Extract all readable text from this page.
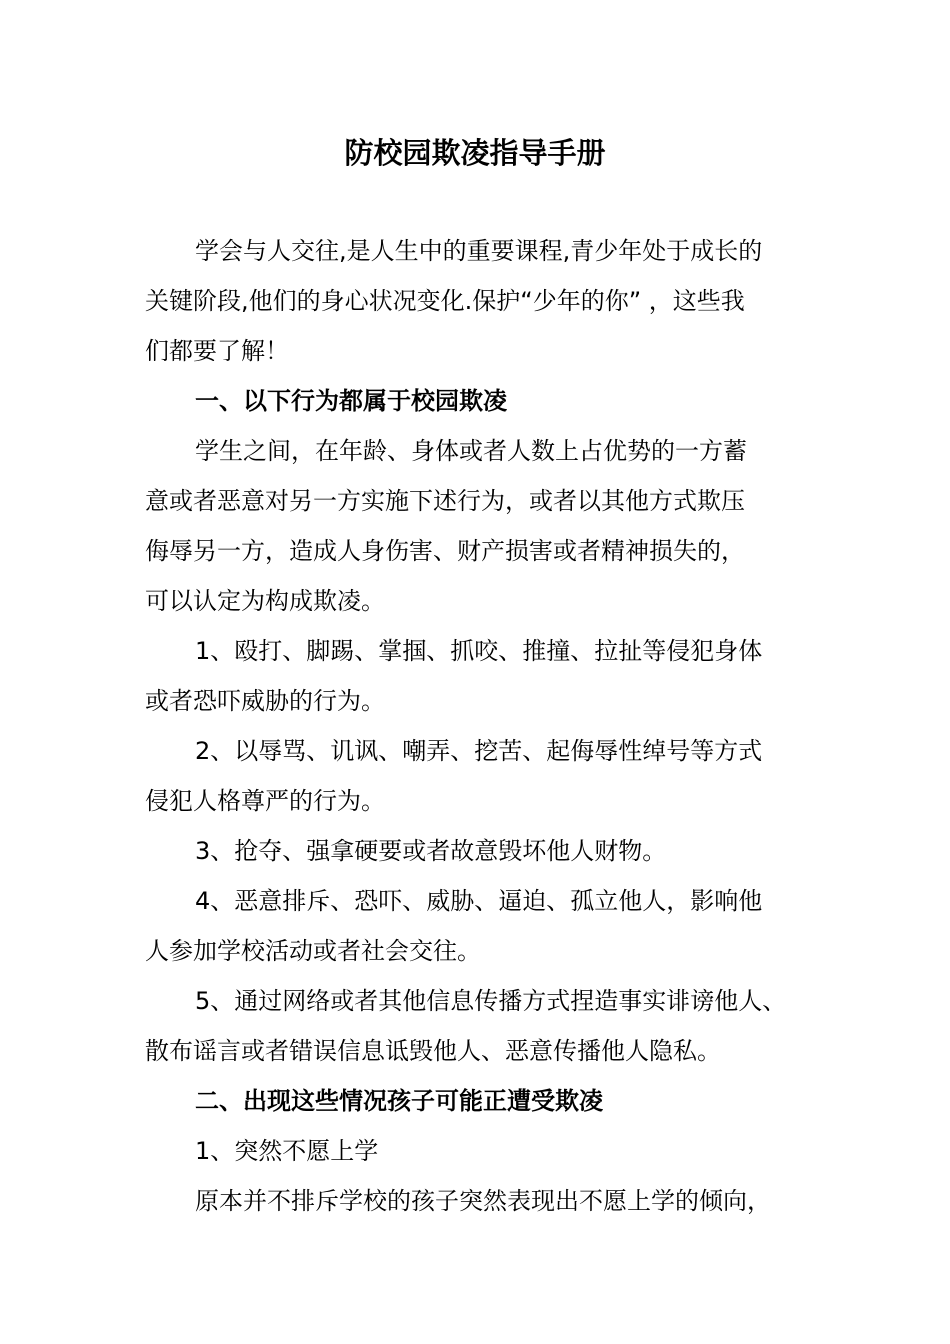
防校园欺凌指导手册

学会与人交往,是人生中的重要课程,青少年处于成长的

关键阶段,他们的身心状况变化.保护“少年的你” ，这些我

们都要了解！

一、以下行为都属于校园欺凌

学生之间，在年龄、身体或者人数上占优势的一方蓄

意或者恶意对另一方实施下述行为，或者以其他方式欺压

侮辱另一方，造成人身伤害、财产损害或者精神损失的，

可以认定为构成欺凌。

1、殴打、脚踢、掌掴、抓咬、推撞、拉扯等侵犯身体

或者恐吓威胁的行为。

2、以辱骂、讥讽、嘲弄、挖苦、起侮辱性绰号等方式

侵犯人格尊严的行为。

3、抢夺、强拿硬要或者故意毁坏他人财物。

4、恶意排斥、恐吓、威胁、逼迫、孤立他人，影响他

人参加学校活动或者社会交往。

5、通过网络或者其他信息传播方式捏造事实诽谤他人、

散布谣言或者错误信息诋毁他人、恶意传播他人隐私。

二、出现这些情况孩子可能正遭受欺凌

1、突然不愿上学

原本并不排斥学校的孩子突然表现出不愿上学的倾向，
